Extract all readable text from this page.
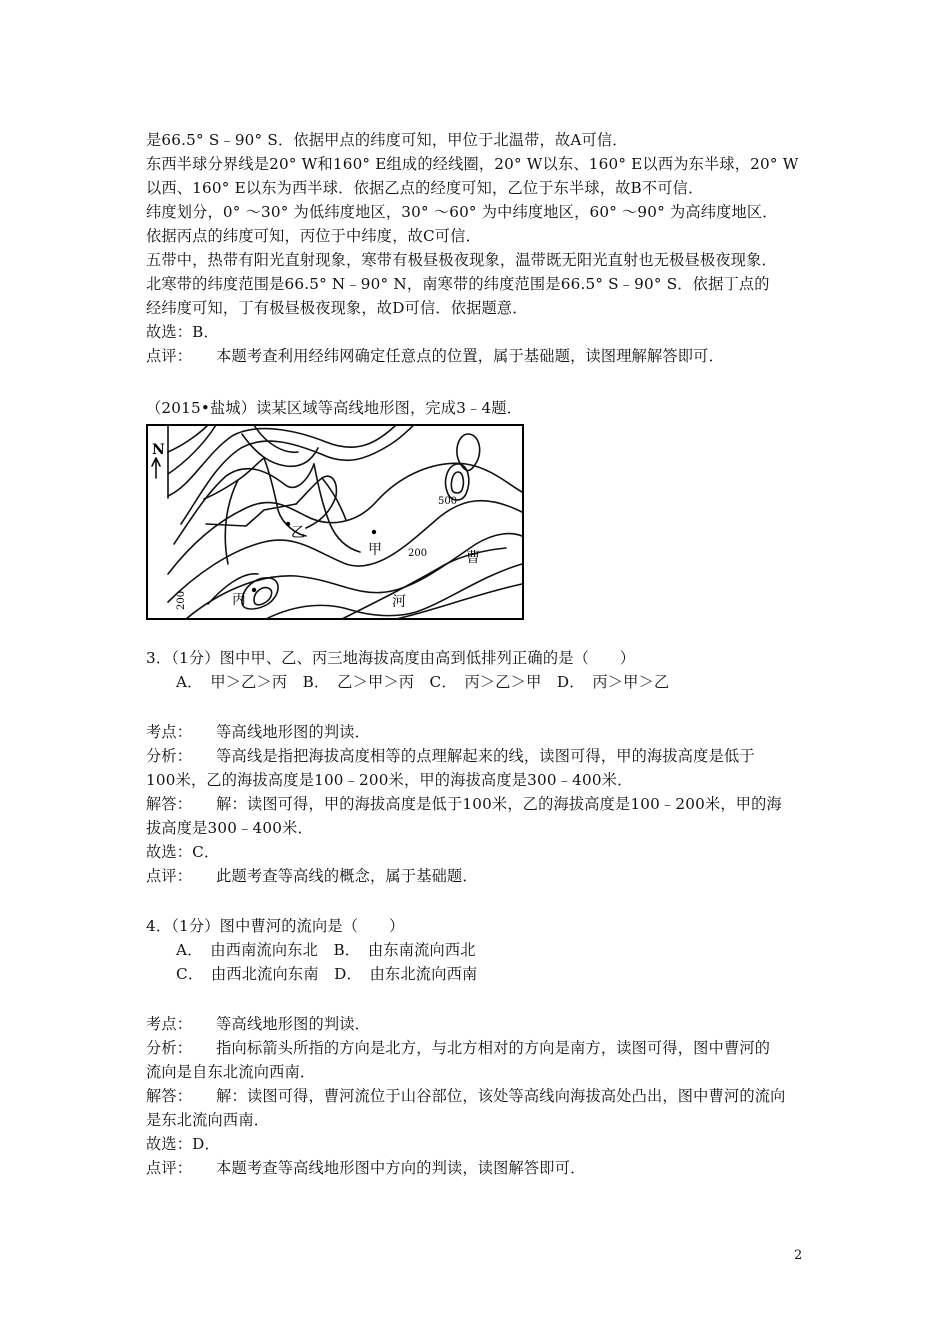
是66.5° S﹣90° S．依据甲点的纬度可知，甲位于北温带，故A可信．
东西半球分界线是20° W和160° E组成的经线圈，20° W以东、160° E以西为东半球，20° W
以西、160° E以东为西半球．依据乙点的经度可知，乙位于东半球，故B不可信．
纬度划分，0° ～30° 为低纬度地区，30° ～60° 为中纬度地区，60° ～90° 为高纬度地区．
依据丙点的纬度可知，丙位于中纬度，故C可信．
五带中，热带有阳光直射现象，寒带有极昼极夜现象，温带既无阳光直射也无极昼极夜现象．
北寒带的纬度范围是66.5° N﹣90° N，南寒带的纬度范围是66.5° S﹣90° S．依据丁点的
经纬度可知，丁有极昼极夜现象，故D可信．依据题意．
故选：B．
点评： 本题考查利用经纬网确定任意点的位置，属于基础题，读图理解解答即可．
（2015•盐城）读某区域等高线地形图，完成3﹣4题．
N
乙
甲
丙
曹
河
500
200
200
3．（1分）图中甲、乙、丙三地海拔高度由高到低排列正确的是（　　）
A．　甲＞乙＞丙　B．　乙＞甲＞丙　C．　丙＞乙＞甲　D．　丙＞甲＞乙
考点： 等高线地形图的判读．
分析： 等高线是指把海拔高度相等的点理解起来的线，读图可得，甲的海拔高度是低于
100米，乙的海拔高度是100﹣200米，甲的海拔高度是300﹣400米．
解答： 解：读图可得，甲的海拔高度是低于100米，乙的海拔高度是100﹣200米，甲的海
拔高度是300﹣400米．
故选：C．
点评： 此题考查等高线的概念，属于基础题．
4．（1分）图中曹河的流向是（　　）
A．　由西南流向东北　B．　由东南流向西北
C．　由西北流向东南　D．　由东北流向西南
考点： 等高线地形图的判读．
分析： 指向标箭头所指的方向是北方，与北方相对的方向是南方，读图可得，图中曹河的
流向是自东北流向西南．
解答： 解：读图可得，曹河流位于山谷部位，该处等高线向海拔高处凸出，图中曹河的流向
是东北流向西南．
故选：D．
点评： 本题考查等高线地形图中方向的判读，读图解答即可．
2
